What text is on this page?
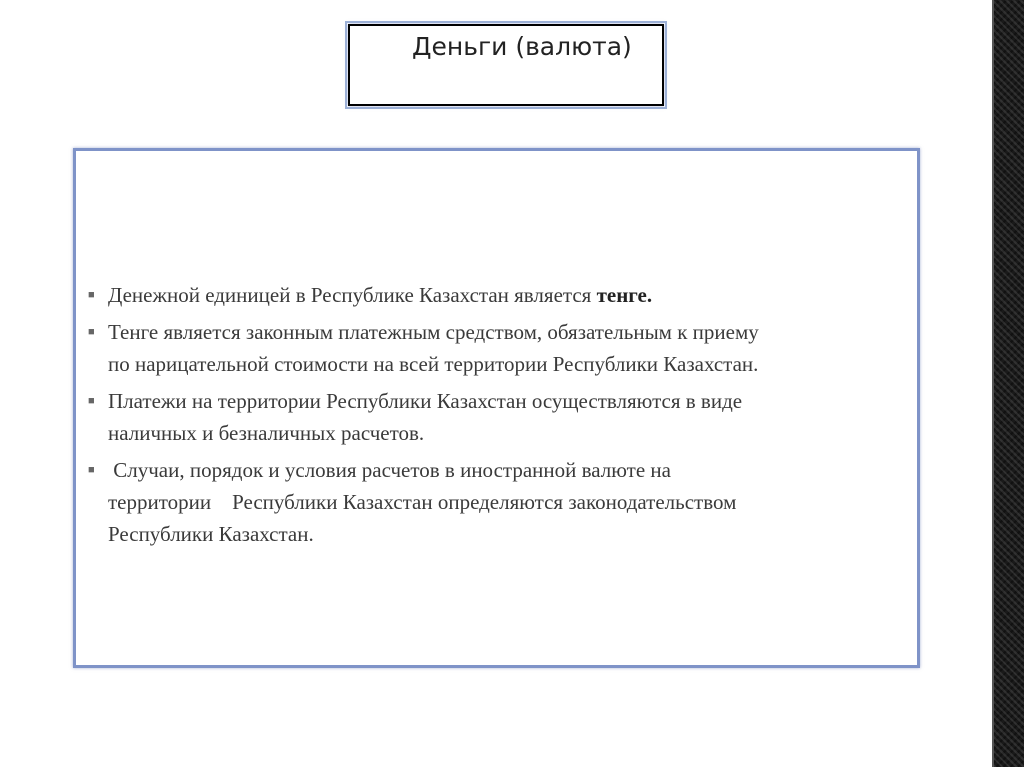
Деньги (валюта)
■ Денежной единицей в Республике Казахстан является тенге.
■ Тенге является законным платежным средством, обязательным к приему
по нарицательной стоимости на всей территории Республики Казахстан.
■ Платежи на территории Республики Казахстан осуществляются в виде
наличных и безналичных расчетов.
■ Случаи, порядок и условия расчетов в иностранной валюте на
территории    Республики Казахстан определяются законодательством
Республики Казахстан.
